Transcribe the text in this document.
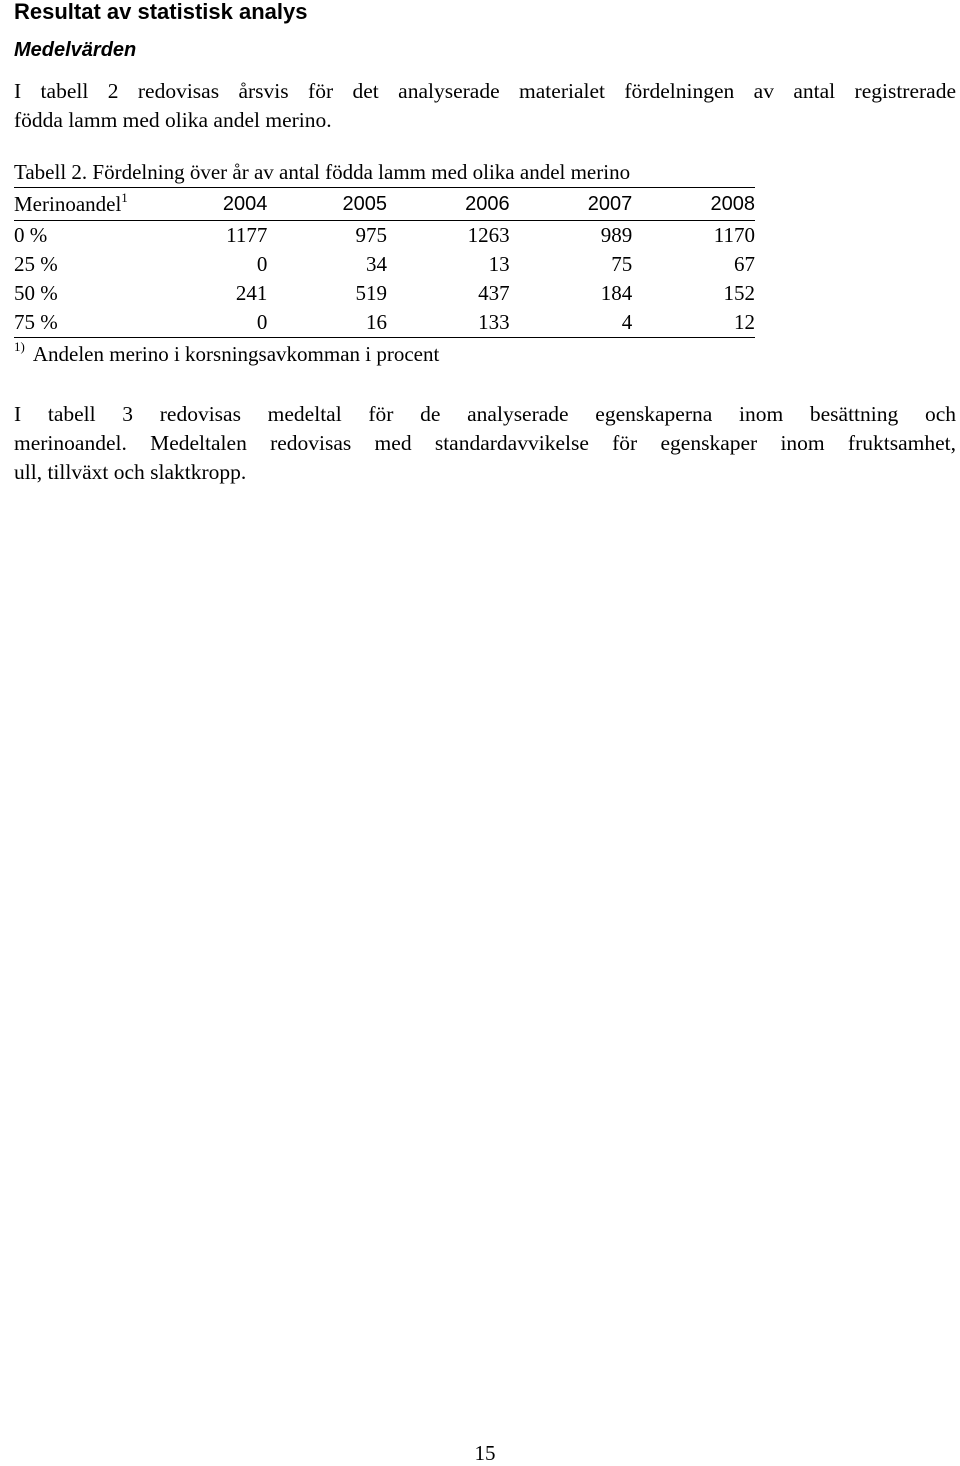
Resultat av statistisk analys
Medelvärden

I tabell 2 redovisas årsvis för det analyserade materialet fördelningen av antal registrerade
födda lamm med olika andel merino.

Tabell 2. Fördelning över år av antal födda lamm med olika andel merino

Merinoandel$^1$	2004	2005	2006	2007	2008
0 %	1177	975	1263	989	1170
25 %	0	34	13	75	67
50 %	241	519	437	184	152
75 %	0	16	133	4	12

$^{1)}$ Andelen merino i korsningsavkomman i procent

I tabell 3 redovisas medeltal för de analyserade egenskaperna inom besättning och
merinoandel. Medeltalen redovisas med standardavvikelse för egenskaper inom fruktsamhet,
ull, tillväxt och slaktkropp.

15
